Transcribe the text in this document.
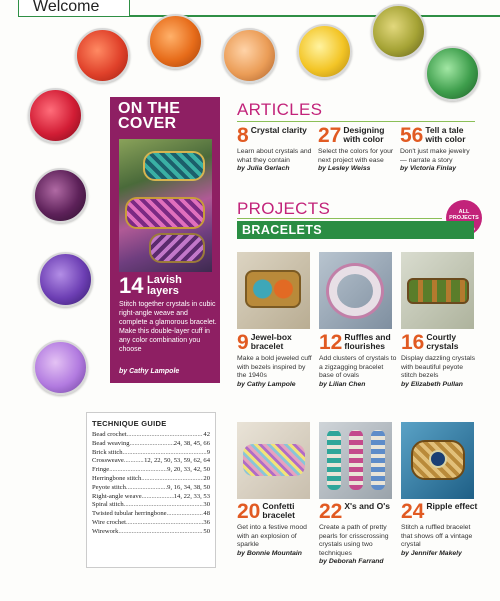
Welcome
ON THE COVER
14 Lavish layers
Stitch together crystals in cubic right-angle weave and complete a glamorous bracelet. Make this double-layer cuff in any color combination you choose
by Cathy Lampole
ARTICLES
8 Crystal clarity
Learn about crystals and what they contain
by Julia Gerlach
27 Designing with color
Select the colors for your next project with ease
by Lesley Weiss
56 Tell a tale with color
Don't just make jewelry — narrate a story
by Victoria Finlay
PROJECTS	ALL PROJECTS
BRACELETS
9 Jewel-box bracelet
Make a bold jeweled cuff with bezels inspired by the 1940s
by Cathy Lampole
12 Ruffles and flourishes
Add clusters of crystals to a zigzagging bracelet base of ovals
by Lilian Chen
16 Courtly crystals
Display dazzling crystals with beautiful peyote stitch bezels
by Elizabeth Pullan
20 Confetti bracelet
Get into a festive mood with an explosion of sparkle
by Bonnie Mountain
22 X's and O's
Create a path of pretty pearls for crisscrossing crystals using two techniques
by Deborah Farrand
24 Ripple effect
Stitch a ruffled bracelet that shows off a vintage crystal
by Jennifer Makely
TECHNIQUE GUIDE
Bead crochet .....	42
Bead weaving .....	24, 38, 45, 66
Brick stitch .....	9
Crossweave .....	12, 22, 50, 53, 59, 62, 64
Fringe .....	9, 20, 33, 42, 50
Herringbone stitch .....	20
Peyote stitch .....	9, 16, 34, 38, 50
Right-angle weave .....	14, 22, 33, 53
Spiral stitch .....	30
Twisted tubular herringbone .....	48
Wire crochet .....	36
Wirework .....	50
